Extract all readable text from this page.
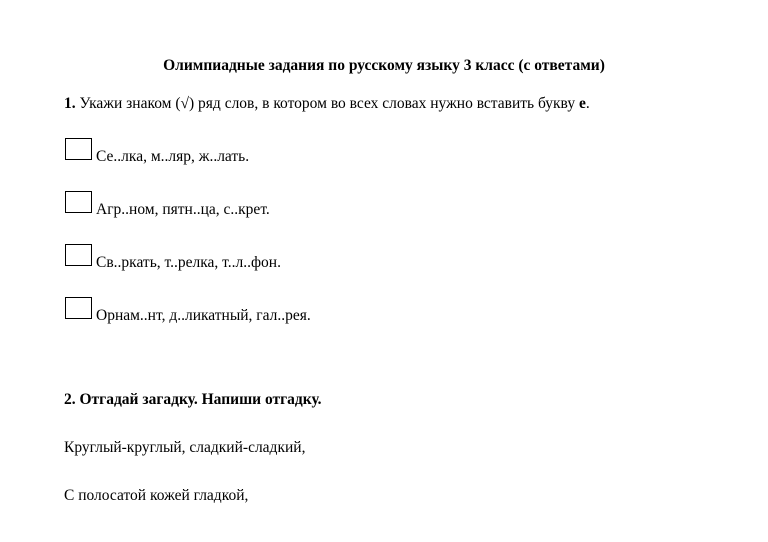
Олимпиадные задания по русскому языку 3 класс (с ответами)
1. Укажи знаком (√) ряд слов, в котором во всех словах нужно вставить букву е.
Се..лка, м..ляр, ж..лать.
Агр..ном, пятн..ца, с..крет.
Св..ркать, т..релка, т..л..фон.
Орнам..нт, д..ликатный, гал..рея.
2. Отгадай загадку. Напиши отгадку.
Круглый-круглый, сладкий-сладкий,
С полосатой кожей гладкой,
